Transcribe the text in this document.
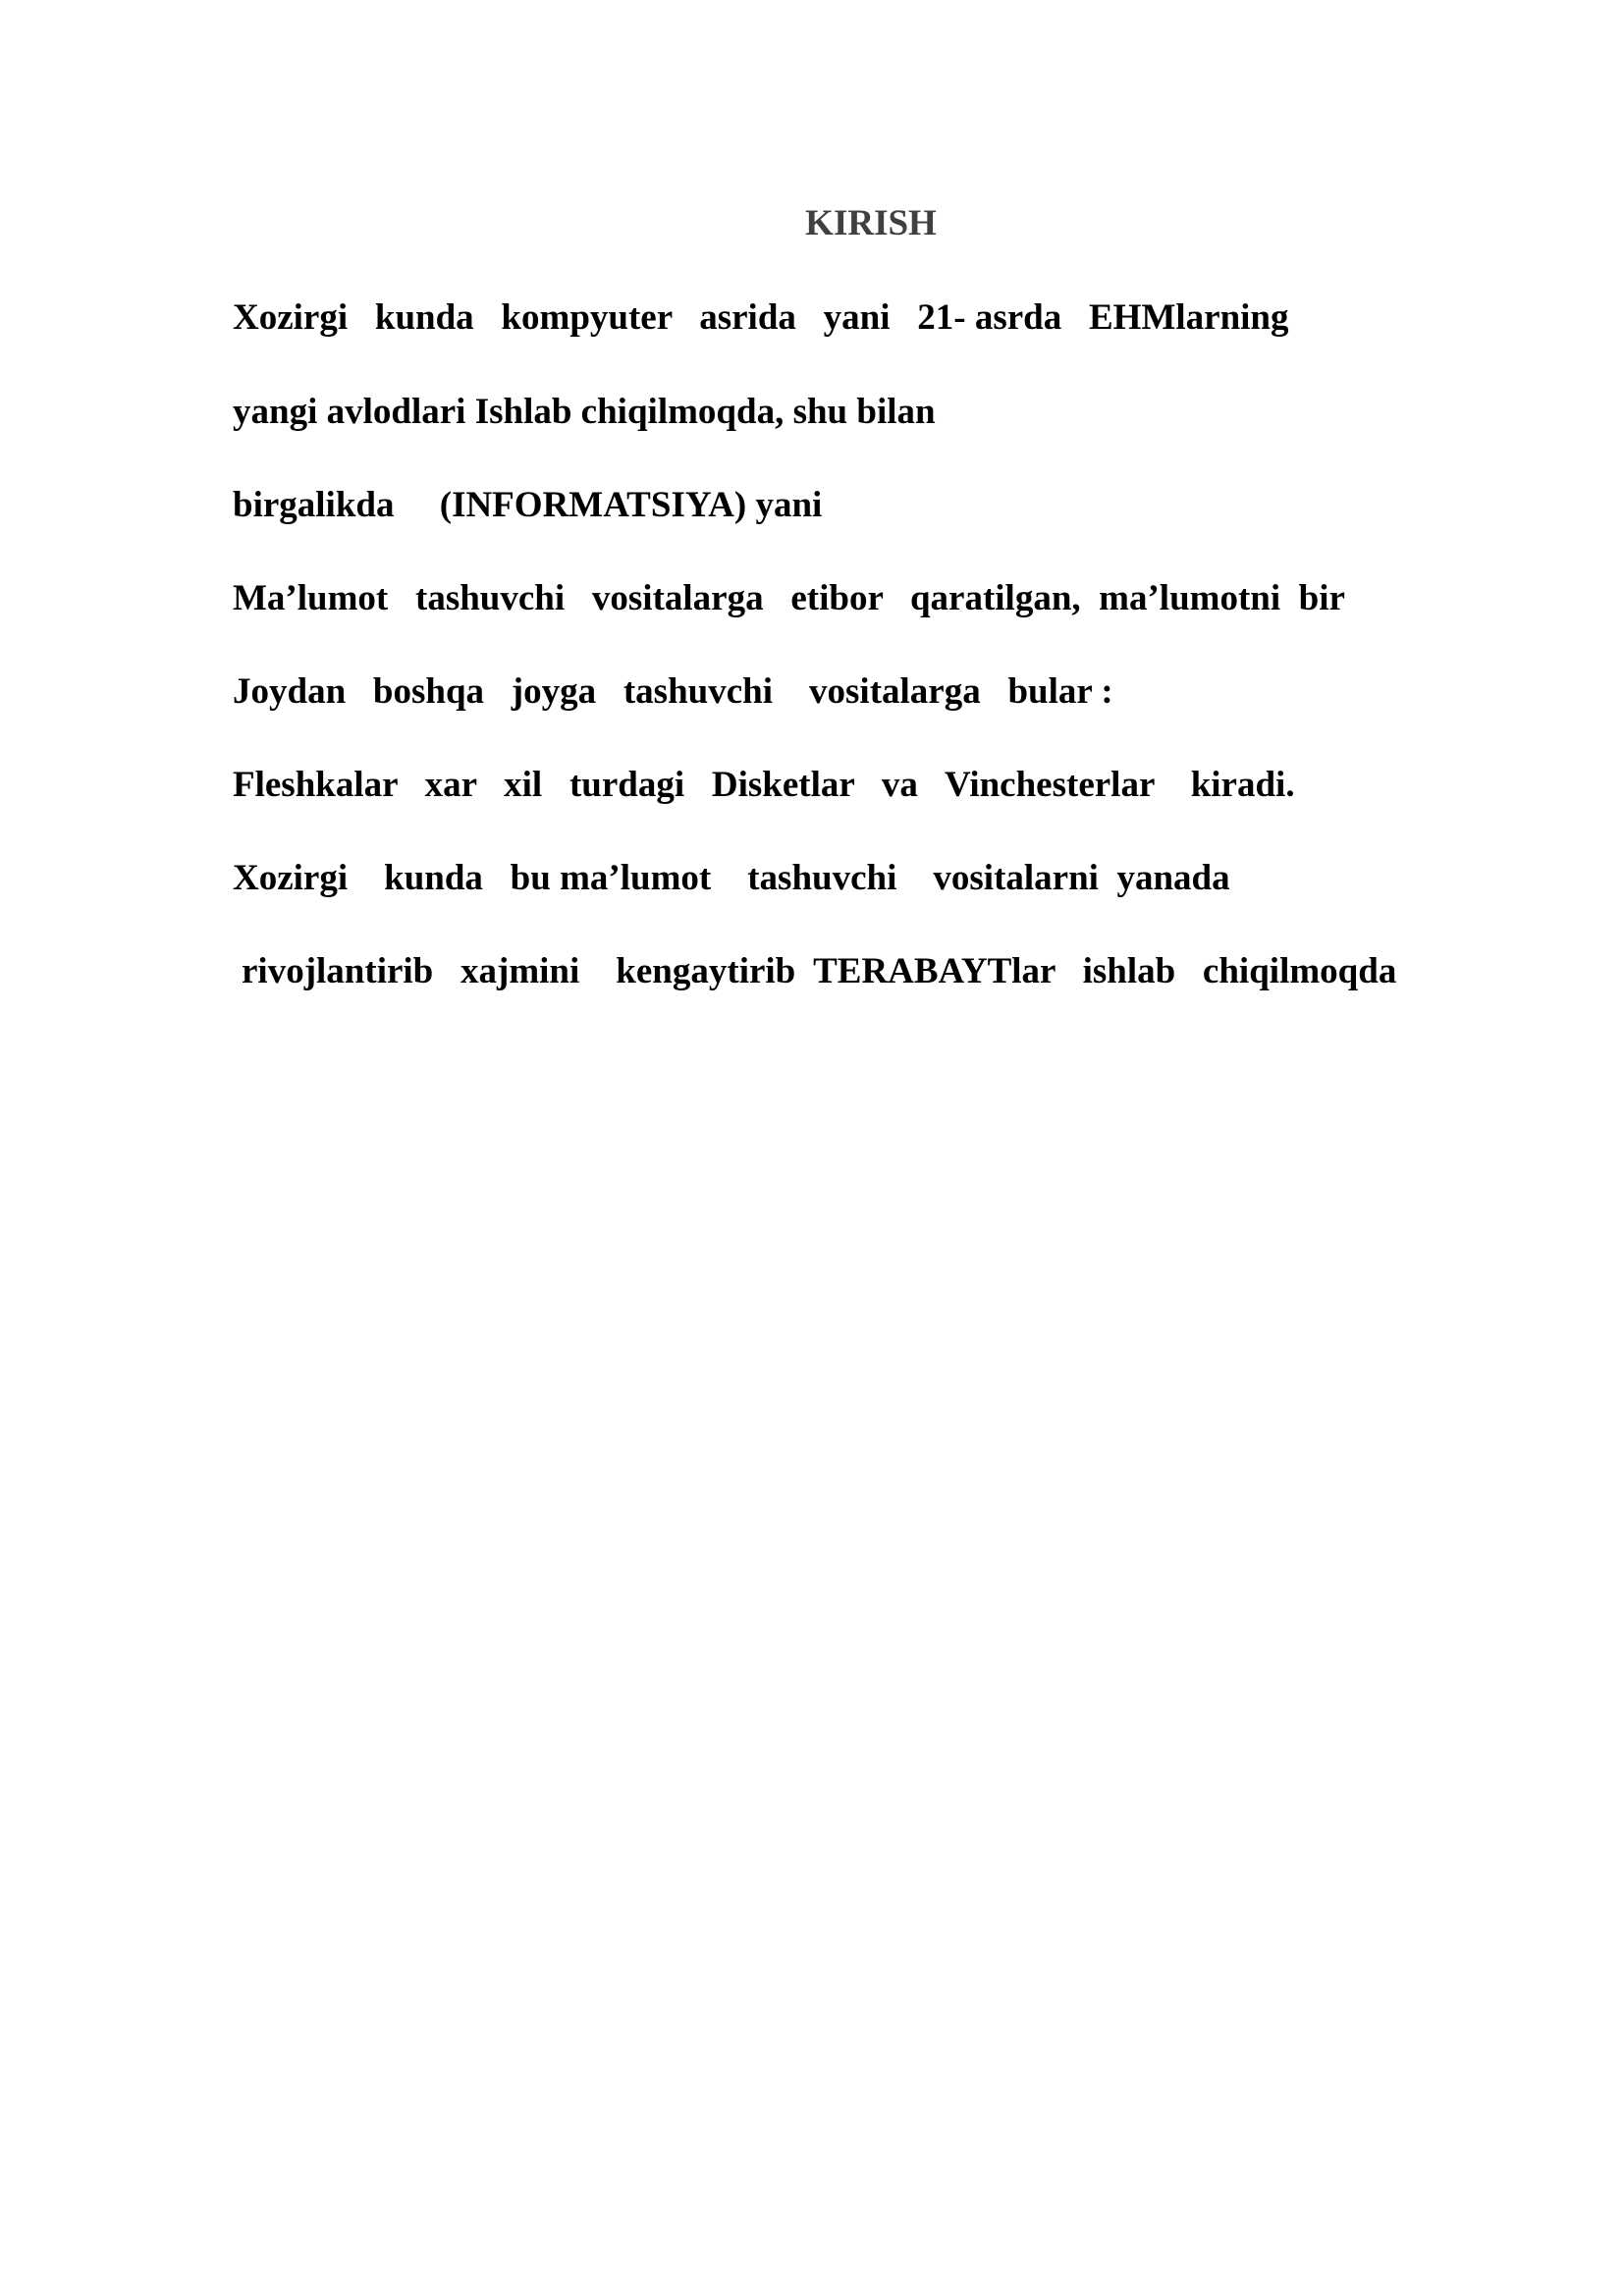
KIRISH
Xozirgi   kunda   kompyuter   asrida   yani   21- asrda   EHMlarning
yangi avlodlari Ishlab chiqilmoqda, shu bilan
birgalikda     (INFORMATSIYA) yani
Ma’lumot   tashuvchi   vositalarga   etibor   qaratilgan,  ma’lumotni  bir
Joydan   boshqa   joyga   tashuvchi    vositalarga   bular :
Fleshkalar   xar   xil   turdagi   Disketlar   va   Vinchesterlar    kiradi.
Xozirgi    kunda   bu ma’lumot    tashuvchi    vositalarni  yanada
rivojlantirib   xajmini    kengaytirib  TERABAYTlar   ishlab   chiqilmoqda
